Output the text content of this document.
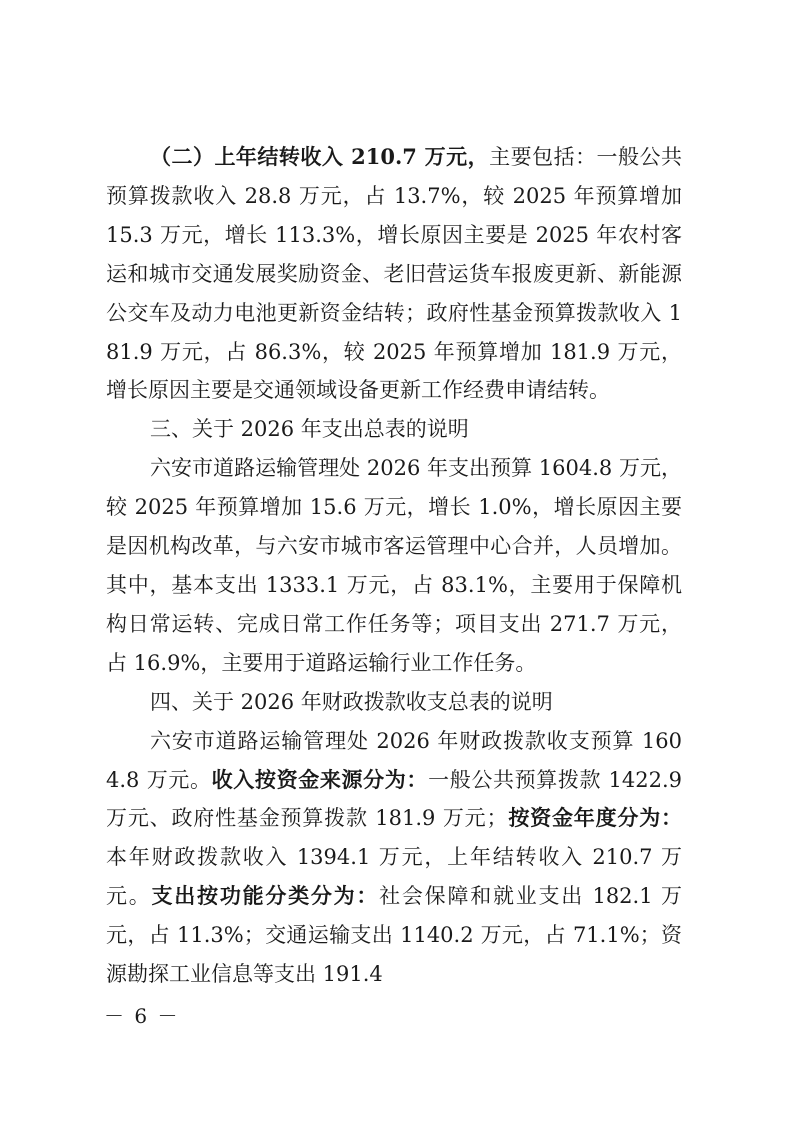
（二）上年结转收入 210.7 万元，主要包括：一般公共预算拨款收入 28.8 万元，占 13.7%，较 2025 年预算增加 15.3 万元，增长 113.3%，增长原因主要是 2025 年农村客运和城市交通发展奖励资金、老旧营运货车报废更新、新能源公交车及动力电池更新资金结转；政府性基金预算拨款收入 181.9 万元，占 86.3%，较 2025 年预算增加 181.9 万元，增长原因主要是交通领域设备更新工作经费申请结转。

三、关于 2026 年支出总表的说明

六安市道路运输管理处 2026 年支出预算 1604.8 万元，较 2025 年预算增加 15.6 万元，增长 1.0%，增长原因主要是因机构改革，与六安市城市客运管理中心合并，人员增加。其中，基本支出 1333.1 万元，占 83.1%，主要用于保障机构日常运转、完成日常工作任务等；项目支出 271.7 万元，占 16.9%，主要用于道路运输行业工作任务。

四、关于 2026 年财政拨款收支总表的说明

六安市道路运输管理处 2026 年财政拨款收支预算 1604.8 万元。收入按资金来源分为：一般公共预算拨款 1422.9 万元、政府性基金预算拨款 181.9 万元；按资金年度分为：本年财政拨款收入 1394.1 万元，上年结转收入 210.7 万元。支出按功能分类分为：社会保障和就业支出 182.1 万元，占 11.3%；交通运输支出 1140.2 万元，占 71.1%；资源勘探工业信息等支出 191.4

－ 6 －
